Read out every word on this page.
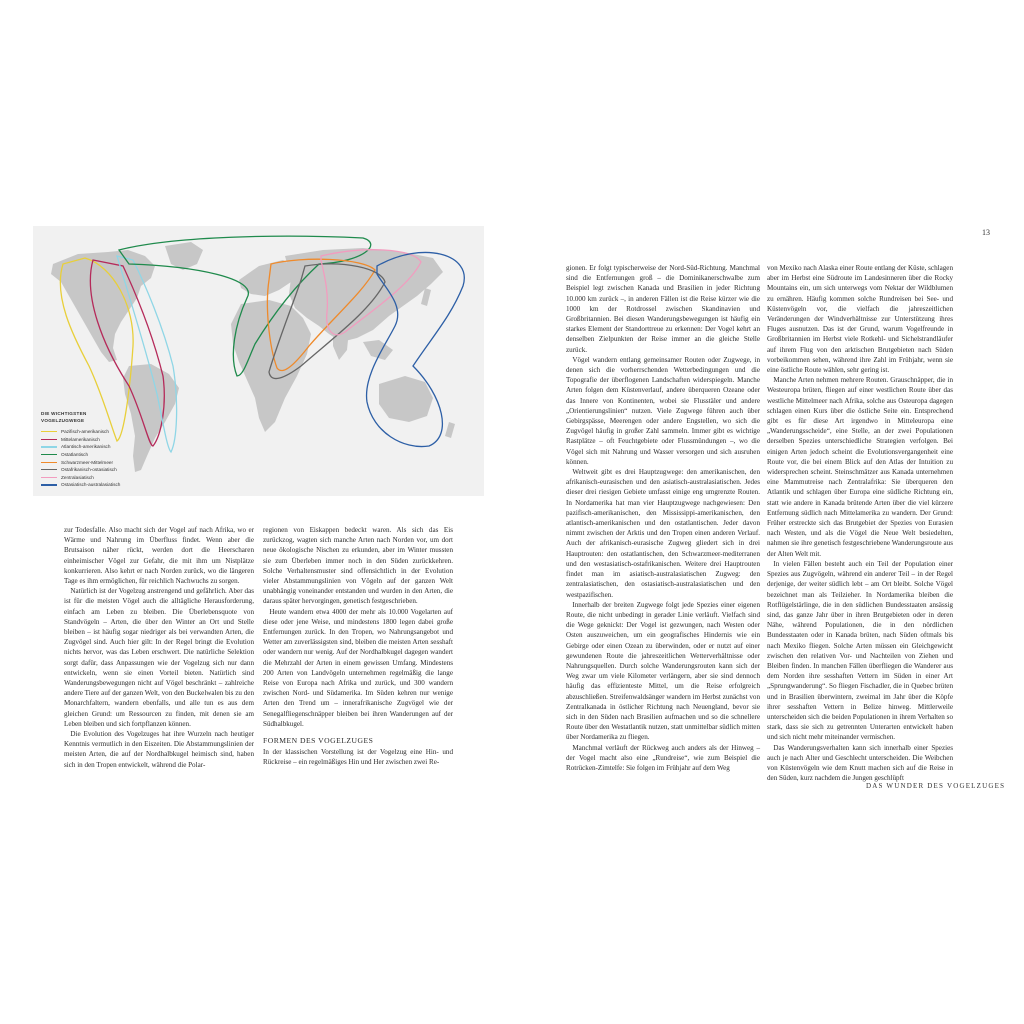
DIE WICHTIGSTEN
VOGELZUGWEGE
Pazifisch-amerikanisch
Mittelamerikanisch
Atlantisch-amerikanisch
Ostatlantisch
Schwarzmeer-Mittelmeer
Ostafrikanisch-ostasiatisch
Zentralasiatisch
Ostasiatisch-australasiatisch

zur Todesfalle. Also macht sich der Vogel auf nach Afrika, wo er Wärme und Nahrung im Überfluss findet. Wenn aber die Brutsaison näher rückt, werden dort die Heerscharen einheimischer Vögel zur Gefahr, die mit ihm um Nistplätze konkurrieren. Also kehrt er nach Norden zurück, wo die längeren Tage es ihm ermöglichen, für reichlich Nachwuchs zu sorgen.

Natürlich ist der Vogelzug anstrengend und gefährlich. Aber das ist für die meisten Vögel auch die alltägliche Herausforderung, einfach am Leben zu bleiben. Die Überlebensquote von Standvögeln – Arten, die über den Winter an Ort und Stelle bleiben – ist häufig sogar niedriger als bei verwandten Arten, die Zugvögel sind. Auch hier gilt: In der Regel bringt die Evolution nichts hervor, was das Leben erschwert. Die natürliche Selektion sorgt dafür, dass Anpassungen wie der Vogelzug sich nur dann entwickeln, wenn sie einen Vorteil bieten. Natürlich sind Wanderungsbewegungen nicht auf Vögel beschränkt – zahlreiche andere Tiere auf der ganzen Welt, von den Buckelwalen bis zu den Monarchfaltern, wandern ebenfalls, und alle tun es aus dem gleichen Grund: um Ressourcen zu finden, mit denen sie am Leben bleiben und sich fortpflanzen können.

Die Evolution des Vogelzuges hat ihre Wurzeln nach heutiger Kenntnis vermutlich in den Eiszeiten. Die Abstammungslinien der meisten Arten, die auf der Nordhalbkugel heimisch sind, haben sich in den Tropen entwickelt, während die Polar-

regionen von Eiskappen bedeckt waren. Als sich das Eis zurückzog, wagten sich manche Arten nach Norden vor, um dort neue ökologische Nischen zu erkunden, aber im Winter mussten sie zum Überleben immer noch in den Süden zurückkehren. Solche Verhaltensmuster sind offensichtlich in der Evolution vieler Abstammungslinien von Vögeln auf der ganzen Welt unabhängig voneinander entstanden und wurden in den Arten, die daraus später hervorgingen, genetisch festgeschrieben.

Heute wandern etwa 4000 der mehr als 10.000 Vogelarten auf diese oder jene Weise, und mindestens 1800 legen dabei große Entfernungen zurück. In den Tropen, wo Nahrungsangebot und Wetter am zuverlässigsten sind, bleiben die meisten Arten sesshaft oder wandern nur wenig. Auf der Nordhalbkugel dagegen wandert die Mehrzahl der Arten in einem gewissen Umfang. Mindestens 200 Arten von Landvögeln unternehmen regelmäßig die lange Reise von Europa nach Afrika und zurück, und 300 wandern zwischen Nord- und Südamerika. Im Süden kehren nur wenige Arten den Trend um – innerafrikanische Zugvögel wie der Senegalfliegenschnäpper bleiben bei ihren Wanderungen auf der Südhalbkugel.

FORMEN DES VOGELZUGES

In der klassischen Vorstellung ist der Vogelzug eine Hin- und Rückreise – ein regelmäßiges Hin und Her zwischen zwei Re-

13

gionen. Er folgt typischerweise der Nord-Süd-Richtung. Manchmal sind die Entfernungen groß – die Dominikanerschwalbe zum Beispiel legt zwischen Kanada und Brasilien in jeder Richtung 10.000 km zurück –, in anderen Fällen ist die Reise kürzer wie die 1000 km der Rotdrossel zwischen Skandinavien und Großbritannien. Bei diesen Wanderungsbewegungen ist häufig ein starkes Element der Standorttreue zu erkennen: Der Vogel kehrt an denselben Zielpunkten der Reise immer an die gleiche Stelle zurück.

Vögel wandern entlang gemeinsamer Routen oder Zugwege, in denen sich die vorherrschenden Wetterbedingungen und die Topografie der überflogenen Landschaften widerspiegeln. Manche Arten folgen dem Küstenverlauf, andere überqueren Ozeane oder das Innere von Kontinenten, wobei sie Flusstäler und andere „Orientierungslinien“ nutzen. Viele Zugwege führen auch über Gebirgspässe, Meerengen oder andere Engstellen, wo sich die Zugvögel häufig in großer Zahl sammeln. Immer gibt es wichtige Rastplätze – oft Feuchtgebiete oder Flussmündungen –, wo die Vögel sich mit Nahrung und Wasser versorgen und sich ausruhen können.

Weltweit gibt es drei Hauptzugwege: den amerikanischen, den afrikanisch-eurasischen und den asiatisch-australasiatischen. Jedes dieser drei riesigen Gebiete umfasst einige eng umgrenzte Routen. In Nordamerika hat man vier Hauptzugwege nachgewiesen: Den pazifisch-amerikanischen, den Mississippi-amerikanischen, den atlantisch-amerikanischen und den ostatlantischen. Jeder davon nimmt zwischen der Arktis und den Tropen einen anderen Verlauf. Auch der afrikanisch-eurasische Zugweg gliedert sich in drei Hauptrouten: den ostatlantischen, den Schwarzmeer-mediterranen und den westasiatisch-ostafrikanischen. Weitere drei Hauptrouten findet man im asiatisch-australasiatischen Zugweg: den zentralasiatischen, den ostasiatisch-australasiatischen und den westpazifischen.

Innerhalb der breiten Zugwege folgt jede Spezies einer eigenen Route, die nicht unbedingt in gerader Linie verläuft. Vielfach sind die Wege geknickt: Der Vogel ist gezwungen, nach Westen oder Osten auszuweichen, um ein geografisches Hindernis wie ein Gebirge oder einen Ozean zu überwinden, oder er nutzt auf einer gewundenen Route die jahreszeitlichen Wetterverhältnisse oder Nahrungsquellen. Durch solche Wanderungsrouten kann sich der Weg zwar um viele Kilometer verlängern, aber sie sind dennoch häufig das effizienteste Mittel, um die Reise erfolgreich abzuschließen. Streifenwaldsänger wandern im Herbst zunächst von Zentralkanada in östlicher Richtung nach Neuengland, bevor sie sich in den Süden nach Brasilien aufmachen und so die schnellere Route über den Westatlantik nutzen, statt unmittelbar südlich mitten über Nordamerika zu fliegen.

Manchmal verläuft der Rückweg auch anders als der Hinweg – der Vogel macht also eine „Rundreise“, wie zum Beispiel die Rotrücken-Zimtelfe: Sie folgen im Frühjahr auf dem Weg

von Mexiko nach Alaska einer Route entlang der Küste, schlagen aber im Herbst eine Südroute im Landesinneren über die Rocky Mountains ein, um sich unterwegs vom Nektar der Wildblumen zu ernähren. Häufig kommen solche Rundreisen bei See- und Küstenvögeln vor, die vielfach die jahreszeitlichen Veränderungen der Windverhältnisse zur Unterstützung ihres Fluges ausnutzen. Das ist der Grund, warum Vogelfreunde in Großbritannien im Herbst viele Rotkehl- und Sichelstrandläufer auf ihrem Flug von den arktischen Brutgebieten nach Süden vorbeikommen sehen, während ihre Zahl im Frühjahr, wenn sie eine östliche Route wählen, sehr gering ist.

Manche Arten nehmen mehrere Routen. Grauschnäpper, die in Westeuropa brüten, fliegen auf einer westlichen Route über das westliche Mittelmeer nach Afrika, solche aus Osteuropa dagegen schlagen einen Kurs über die östliche Seite ein. Entsprechend gibt es für diese Art irgendwo in Mitteleuropa eine „Wanderungsscheide“, eine Stelle, an der zwei Populationen derselben Spezies unterschiedliche Strategien verfolgen. Bei einigen Arten jedoch scheint die Evolutionsvergangenheit eine Route vor, die bei einem Blick auf den Atlas der Intuition zu widersprechen scheint. Steinschmätzer aus Kanada unternehmen eine Mammutreise nach Zentralafrika: Sie überqueren den Atlantik und schlagen über Europa eine südliche Richtung ein, statt wie andere in Kanada brütende Arten über die viel kürzere Entfernung südlich nach Mittelamerika zu wandern. Der Grund: Früher erstreckte sich das Brutgebiet der Spezies von Eurasien nach Westen, und als die Vögel die Neue Welt besiedelten, nahmen sie ihre genetisch festgeschriebene Wanderungsroute aus der Alten Welt mit.

In vielen Fällen besteht auch ein Teil der Population einer Spezies aus Zugvögeln, während ein anderer Teil – in der Regel derjenige, der weiter südlich lebt – am Ort bleibt. Solche Vögel bezeichnet man als Teilzieher. In Nordamerika bleiben die Rotflügelstärlinge, die in den südlichen Bundesstaaten ansässig sind, das ganze Jahr über in ihren Brutgebieten oder in deren Nähe, während Populationen, die in den nördlichen Bundesstaaten oder in Kanada brüten, nach Süden oftmals bis nach Mexiko fliegen. Solche Arten müssen ein Gleichgewicht zwischen den relativen Vor- und Nachteilen von Ziehen und Bleiben finden. In manchen Fällen überfliegen die Wanderer aus dem Norden ihre sesshaften Vettern im Süden in einer Art „Sprungwanderung“. So fliegen Fischadler, die in Quebec brüten und in Brasilien überwintern, zweimal im Jahr über die Köpfe ihrer sesshaften Vettern in Belize hinweg. Mittlerweile unterscheiden sich die beiden Populationen in ihrem Verhalten so stark, dass sie sich zu getrennten Unterarten entwickelt haben und sich nicht mehr miteinander vermischen.

Das Wanderungsverhalten kann sich innerhalb einer Spezies auch je nach Alter und Geschlecht unterscheiden. Die Weibchen von Küstenvögeln wie dem Knutt machen sich auf die Reise in den Süden, kurz nachdem die Jungen geschlüpft

DAS WUNDER DES VOGELZUGES
